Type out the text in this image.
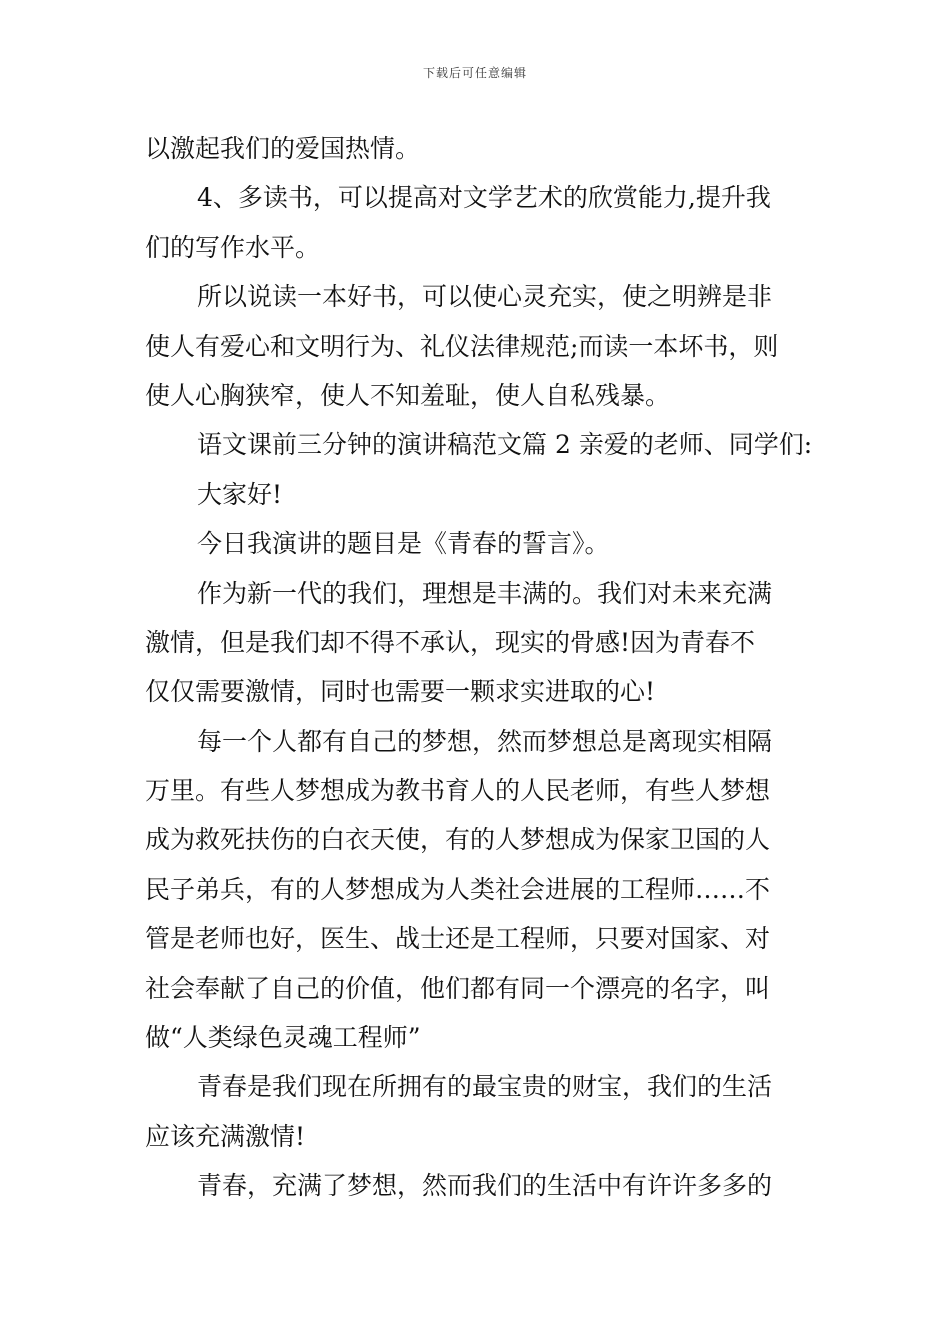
下载后可任意编辑
以激起我们的爱国热情。
4、多读书，可以提高对文学艺术的欣赏能力,提升我
们的写作水平。
所以说读一本好书，可以使心灵充实，使之明辨是非
使人有爱心和文明行为、礼仪法律规范;而读一本坏书，则
使人心胸狭窄，使人不知羞耻，使人自私残暴。
语文课前三分钟的演讲稿范文篇 2 亲爱的老师、同学们:
大家好!
今日我演讲的题目是《青春的誓言》。
作为新一代的我们，理想是丰满的。我们对未来充满
激情，但是我们却不得不承认，现实的骨感!因为青春不
仅仅需要激情，同时也需要一颗求实进取的心!
每一个人都有自己的梦想，然而梦想总是离现实相隔
万里。有些人梦想成为教书育人的人民老师，有些人梦想
成为救死扶伤的白衣天使，有的人梦想成为保家卫国的人
民子弟兵，有的人梦想成为人类社会进展的工程师……不
管是老师也好，医生、战士还是工程师，只要对国家、对
社会奉献了自己的价值，他们都有同一个漂亮的名字，叫
做“人类绿色灵魂工程师”
青春是我们现在所拥有的最宝贵的财宝，我们的生活
应该充满激情!
青春，充满了梦想，然而我们的生活中有许许多多的
